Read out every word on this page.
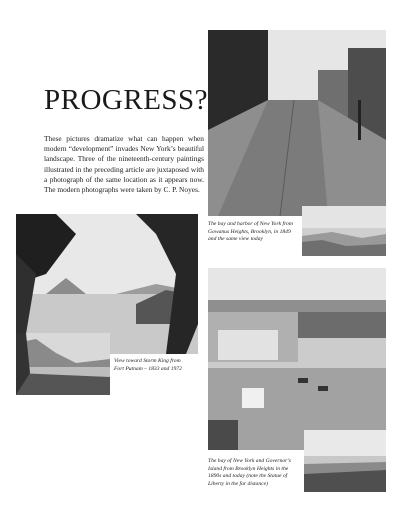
PROGRESS?

These pictures dramatize what can happen when modern “development” invades New York’s beautiful landscape. Three of the nineteenth-century paintings illustrated in the preceding article are juxtaposed with a photograph of the same location as it appears now. The modern photographs were taken by C. P. Noyes.

The bay and harbor of New York from Gowanus Heights, Brooklyn, in 1849 and the same view today

View toward Storm King from Fort Putnam – 1833 and 1972

The bay of New York and Governor’s Island from Brooklyn Heights in the 1890s and today (note the Statue of Liberty in the far distance)
